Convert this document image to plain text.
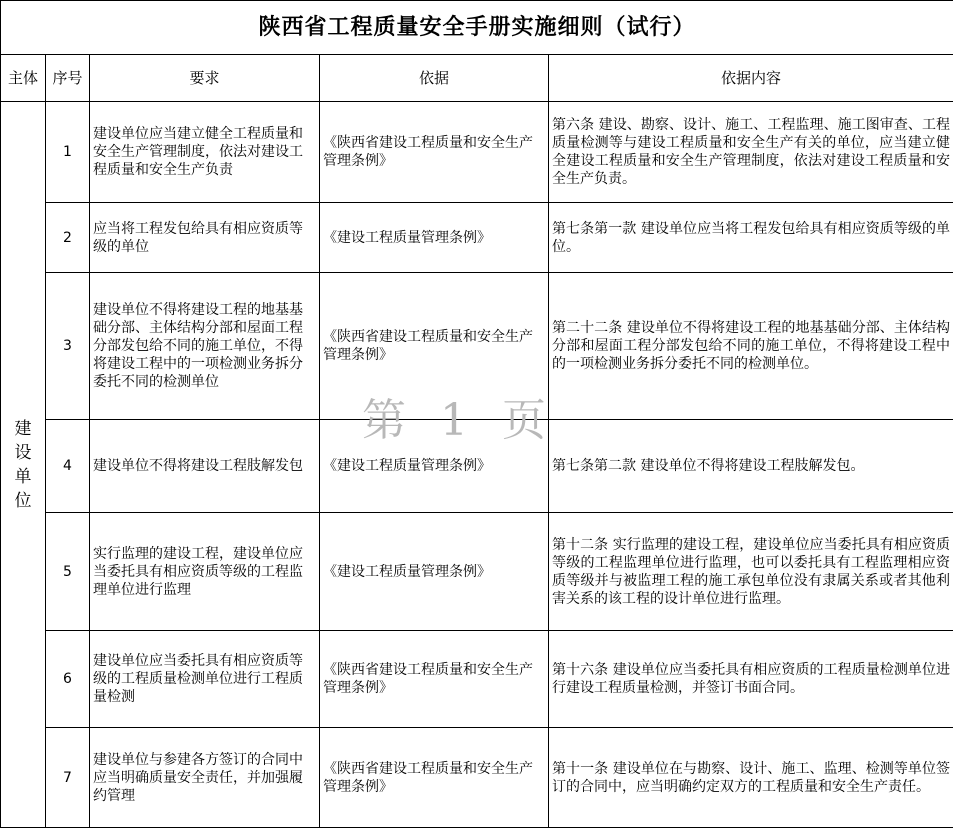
陕西省工程质量安全手册实施细则（试行）				
主体	序号	要求	依据	依据内容

建
设
单
位	1	建设单位应当建立健全工程质量和安全生产管理制度，依法对建设工程质量和安全生产负责	《陕西省建设工程质量和安全生产管理条例》	第六条 建设、勘察、设计、施工、工程监理、施工图审查、工程质量检测等与建设工程质量和安全生产有关的单位，应当建立健全建设工程质量和安全生产管理制度，依法对建设工程质量和安全生产负责。
	2	应当将工程发包给具有相应资质等级的单位	《建设工程质量管理条例》	第七条第一款 建设单位应当将工程发包给具有相应资质等级的单位。
	3	建设单位不得将建设工程的地基基础分部、主体结构分部和屋面工程分部发包给不同的施工单位，不得将建设工程中的一项检测业务拆分委托不同的检测单位	《陕西省建设工程质量和安全生产管理条例》	第二十二条 建设单位不得将建设工程的地基基础分部、主体结构分部和屋面工程分部发包给不同的施工单位，不得将建设工程中的一项检测业务拆分委托不同的检测单位。
	4	建设单位不得将建设工程肢解发包	《建设工程质量管理条例》	第七条第二款 建设单位不得将建设工程肢解发包。
	5	实行监理的建设工程，建设单位应当委托具有相应资质等级的工程监理单位进行监理	《建设工程质量管理条例》	第十二条 实行监理的建设工程，建设单位应当委托具有相应资质等级的工程监理单位进行监理，也可以委托具有工程监理相应资质等级并与被监理工程的施工承包单位没有隶属关系或者其他利害关系的该工程的设计单位进行监理。
	6	建设单位应当委托具有相应资质等级的工程质量检测单位进行工程质量检测	《陕西省建设工程质量和安全生产管理条例》	第十六条 建设单位应当委托具有相应资质的工程质量检测单位进行建设工程质量检测，并签订书面合同。
	7	建设单位与参建各方签订的合同中应当明确质量安全责任，并加强履约管理	《陕西省建设工程质量和安全生产管理条例》	第十一条 建设单位在与勘察、设计、施工、监理、检测等单位签订的合同中，应当明确约定双方的工程质量和安全生产责任。
第 1 页
